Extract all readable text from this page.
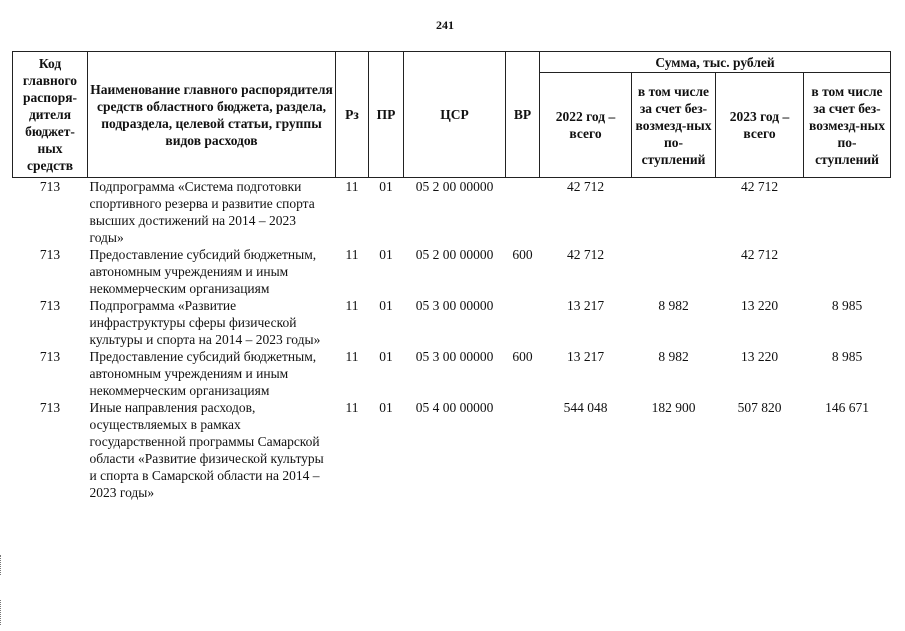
241
Код главного распоря-дителя бюджет-ных средств	Наименование главного распорядителя средств областного бюджета, раздела, подраздела, целевой статьи, группы видов расходов	Рз	ПР	ЦСР	ВР	Сумма, тыс. рублей			
						2022 год – всего	в том числе за счет без-возмезд-ных по-ступлений	2023 год – всего	в том числе за счет без-возмезд-ных по-ступлений
713	Подпрограмма «Система подготовки спортивного резерва и развитие спорта высших достижений на 2014 – 2023 годы»	11	01	05 2 00 00000		42 712		42 712	
713	Предоставление субсидий бюджетным, автономным учреждениям и иным некоммерческим организациям	11	01	05 2 00 00000	600	42 712		42 712	
713	Подпрограмма «Развитие инфраструктуры сферы физической культуры и спорта на 2014 – 2023 годы»	11	01	05 3 00 00000		13 217	8 982	13 220	8 985
713	Предоставление субсидий бюджетным, автономным учреждениям и иным некоммерческим организациям	11	01	05 3 00 00000	600	13 217	8 982	13 220	8 985
713	Иные направления расходов, осуществляемых в рамках государственной программы Самарской области «Развитие физической культуры и спорта в Самарской области на 2014 – 2023 годы»	11	01	05 4 00 00000		544 048	182 900	507 820	146 671
